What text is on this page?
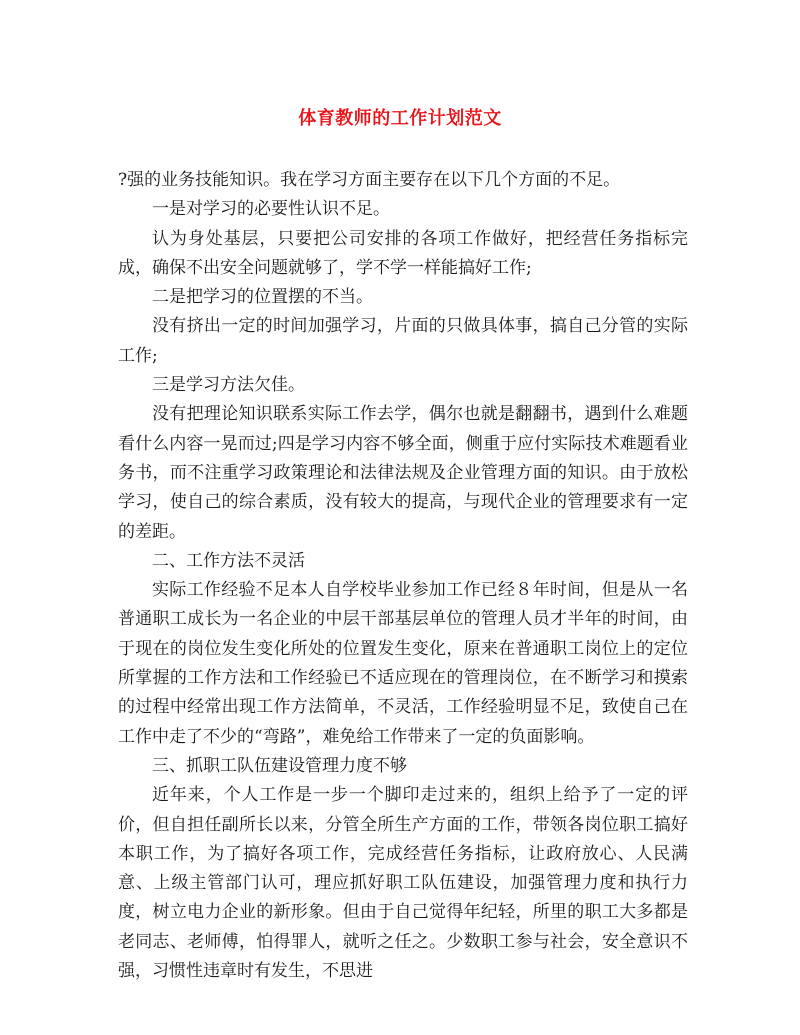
体育教师的工作计划范文

?强的业务技能知识。我在学习方面主要存在以下几个方面的不足。

一是对学习的必要性认识不足。

认为身处基层，只要把公司安排的各项工作做好，把经营任务指标完成，确保不出安全问题就够了，学不学一样能搞好工作;

二是把学习的位置摆的不当。

没有挤出一定的时间加强学习，片面的只做具体事，搞自己分管的实际工作;

三是学习方法欠佳。

没有把理论知识联系实际工作去学，偶尔也就是翻翻书，遇到什么难题看什么内容一晃而过;四是学习内容不够全面，侧重于应付实际技术难题看业务书，而不注重学习政策理论和法律法规及企业管理方面的知识。由于放松学习，使自己的综合素质，没有较大的提高，与现代企业的管理要求有一定的差距。

二、工作方法不灵活

实际工作经验不足本人自学校毕业参加工作已经８年时间，但是从一名普通职工成长为一名企业的中层干部基层单位的管理人员才半年的时间，由于现在的岗位发生变化所处的位置发生变化，原来在普通职工岗位上的定位所掌握的工作方法和工作经验已不适应现在的管理岗位，在不断学习和摸索的过程中经常出现工作方法简单，不灵活，工作经验明显不足，致使自己在工作中走了不少的“弯路”，难免给工作带来了一定的负面影响。

三、抓职工队伍建设管理力度不够

近年来，个人工作是一步一个脚印走过来的，组织上给予了一定的评价，但自担任副所长以来，分管全所生产方面的工作，带领各岗位职工搞好本职工作，为了搞好各项工作，完成经营任务指标，让政府放心、人民满意、上级主管部门认可，理应抓好职工队伍建设，加强管理力度和执行力度，树立电力企业的新形象。但由于自己觉得年纪轻，所里的职工大多都是老同志、老师傅，怕得罪人，就听之任之。少数职工参与社会，安全意识不强，习惯性违章时有发生，不思进
